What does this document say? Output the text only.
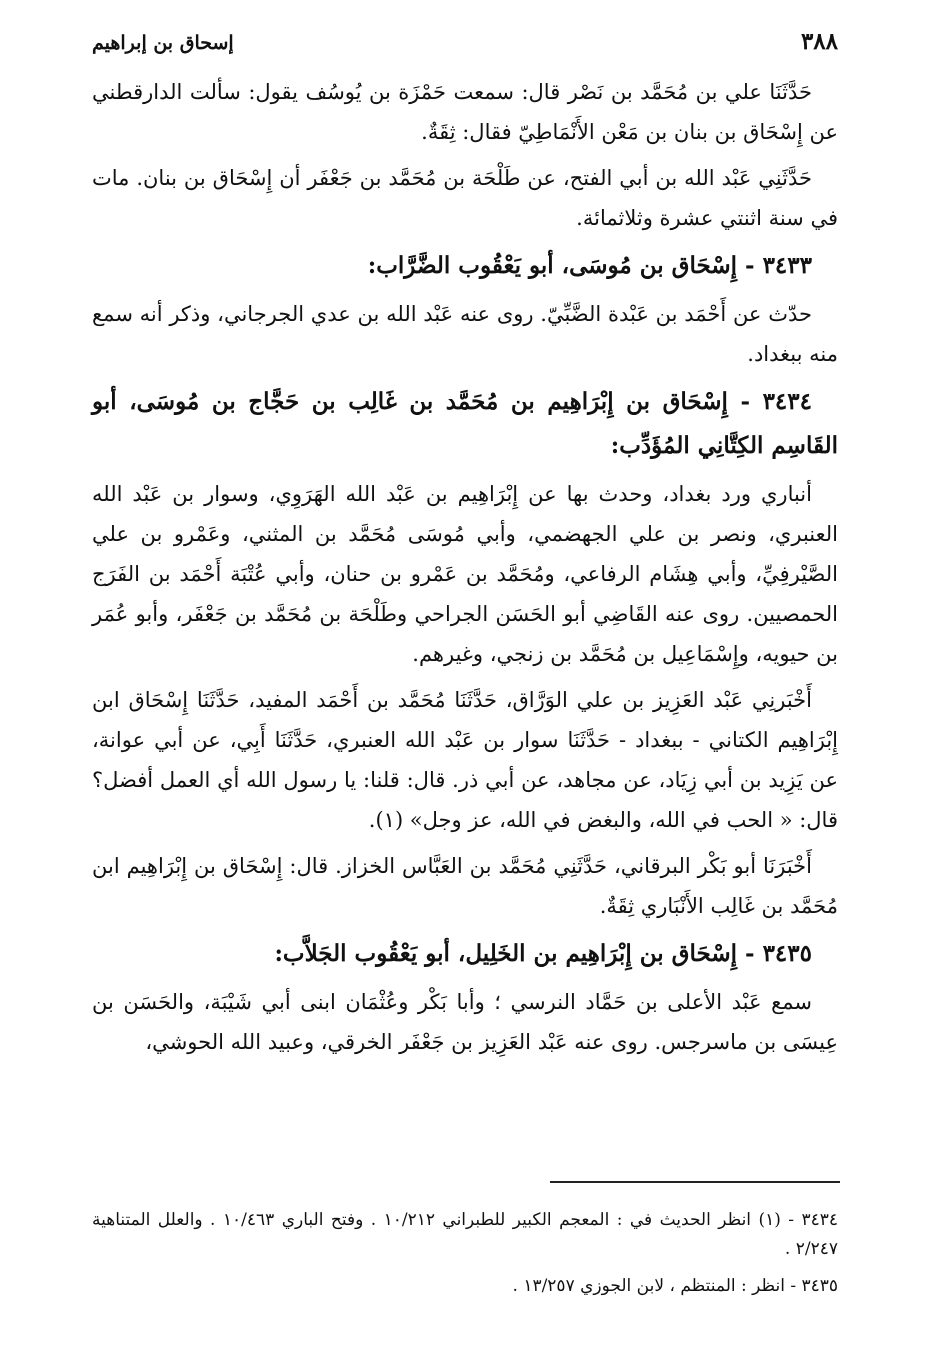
٣٨٨
إسحاق بن إبراهيم

حَدَّثَنَا علي بن مُحَمَّد بن نَصْر قال: سمعت حَمْزَة بن يُوسُف يقول: سألت الدارقطني عن إِسْحَاق بن بنان بن مَعْن الأَنْمَاطِيّ فقال: ثِقَةٌ.

حَدَّثَنِي عَبْد الله بن أبي الفتح، عن طَلْحَة بن مُحَمَّد بن جَعْفَر أن إِسْحَاق بن بنان. مات في سنة اثنتي عشرة وثلاثمائة.

٣٤٣٣ - إِسْحَاق بن مُوسَى، أبو يَعْقُوب الضَّرَّاب:

حدّث عن أَحْمَد بن عَبْدة الضَّبِّيّ. روى عنه عَبْد الله بن عدي الجرجاني، وذكر أنه سمع منه ببغداد.

٣٤٣٤ - إِسْحَاق بن إِبْرَاهِيم بن مُحَمَّد بن غَالِب بن حَجَّاج بن مُوسَى، أبو القَاسِم الكِتَّانِي المُؤَدِّب:

أنباري ورد بغداد، وحدث بها عن إِبْرَاهِيم بن عَبْد الله الهَرَوِي، وسوار بن عَبْد الله العنبري، ونصر بن علي الجهضمي، وأبي مُوسَى مُحَمَّد بن المثني، وعَمْرو بن علي الصَّيْرفِيِّ، وأبي هِشَام الرفاعي، ومُحَمَّد بن عَمْرو بن حنان، وأبي عُتْبَة أَحْمَد بن الفَرَج الحمصيين. روى عنه القَاضِي أبو الحَسَن الجراحي وطَلْحَة بن مُحَمَّد بن جَعْفَر، وأبو عُمَر بن حيويه، وإِسْمَاعِيل بن مُحَمَّد بن زنجي، وغيرهم.

أَخْبَرنِي عَبْد العَزِيز بن علي الوَرَّاق، حَدَّثَنَا مُحَمَّد بن أَحْمَد المفيد، حَدَّثَنَا إِسْحَاق ابن إِبْرَاهِيم الكتاني - ببغداد - حَدَّثَنَا سوار بن عَبْد الله العنبري، حَدَّثَنَا أَبِي، عن أبي عوانة، عن يَزِيد بن أبي زِيَاد، عن مجاهد، عن أبي ذر. قال: قلنا: يا رسول الله أي العمل أفضل؟ قال: « الحب في الله، والبغض في الله، عز وجل» (١).

أَخْبَرَنَا أبو بَكْر البرقاني، حَدَّثَنِي مُحَمَّد بن العَبَّاس الخزاز. قال: إِسْحَاق بن إِبْرَاهِيم ابن مُحَمَّد بن غَالِب الأَنْبَاري ثِقَةٌ.

٣٤٣٥ - إِسْحَاق بن إِبْرَاهِيم بن الخَلِيل، أبو يَعْقُوب الجَلاَّب:

سمع عَبْد الأعلى بن حَمَّاد النرسي ؛ وأبا بَكْر وعُثْمَان ابنى أبي شَيْبَة، والحَسَن بن عِيسَى بن ماسرجس. روى عنه عَبْد العَزِيز بن جَعْفَر الخرقي، وعبيد الله الحوشي،

٣٤٣٤ - (١) انظر الحديث في : المعجم الكبير للطبراني ١٠/٢١٢ . وفتح الباري ١٠/٤٦٣ . والعلل المتناهية ٢/٢٤٧ .

٣٤٣٥ - انظر : المنتظم ، لابن الجوزي ١٣/٢٥٧ .
